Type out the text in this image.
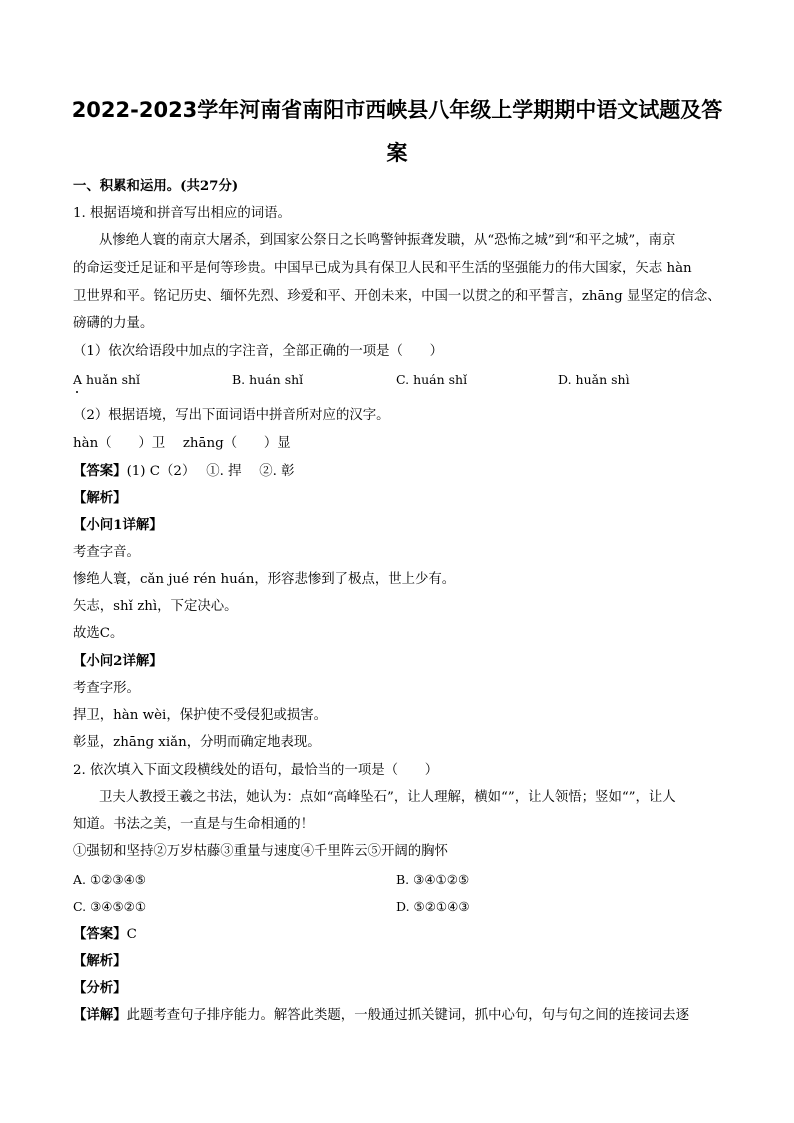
2022-2023学年河南省南阳市西峡县八年级上学期期中语文试题及答
案
一、积累和运用。(共27分)
1. 根据语境和拼音写出相应的词语。
从惨绝人寰的南京大屠杀，到国家公祭日之长鸣警钟振聋发聩，从“恐怖之城”到“和平之城”，南京
的命运变迁足证和平是何等珍贵。中国早已成为具有保卫人民和平生活的坚强能力的伟大国家，矢志 hàn
卫世界和平。铭记历史、缅怀先烈、珍爱和平、开创未来，中国一以贯之的和平誓言，zhāng 显坚定的信念、
磅礴的力量。
（1）依次给语段中加点的字注音，全部正确的一项是（　　）
A huǎn shǐ	B. huán shǐ	C. huán shǐ	D. huǎn shì
（2）根据语境，写出下面词语中拼音所对应的汉字。
hàn（　　）卫　 zhāng（　　）显
【答案】(1) C（2）　 ①. 捍　 ②. 彰
【解析】
【小问1详解】
考查字音。
惨绝人寰，cǎn jué rén huán，形容悲惨到了极点，世上少有。
矢志，shǐ zhì，下定决心。
故选C。
【小问2详解】
考查字形。
捍卫，hàn wèi，保护使不受侵犯或损害。
彰显，zhāng xiǎn，分明而确定地表现。
2. 依次填入下面文段横线处的语句，最恰当的一项是（　　）
卫夫人教授王羲之书法，她认为：点如“高峰坠石”，让人理解，横如“”，让人领悟；竖如“”，让人
知道。书法之美，一直是与生命相通的！
①强韧和坚持②万岁枯藤③重量与速度④千里阵云⑤开阔的胸怀
A. ①②③④⑤	B. ③④①②⑤
C. ③④⑤②①	D. ⑤②①④③
【答案】C
【解析】
【分析】
【详解】此题考查句子排序能力。解答此类题，一般通过抓关键词，抓中心句，句与句之间的连接词去逐
